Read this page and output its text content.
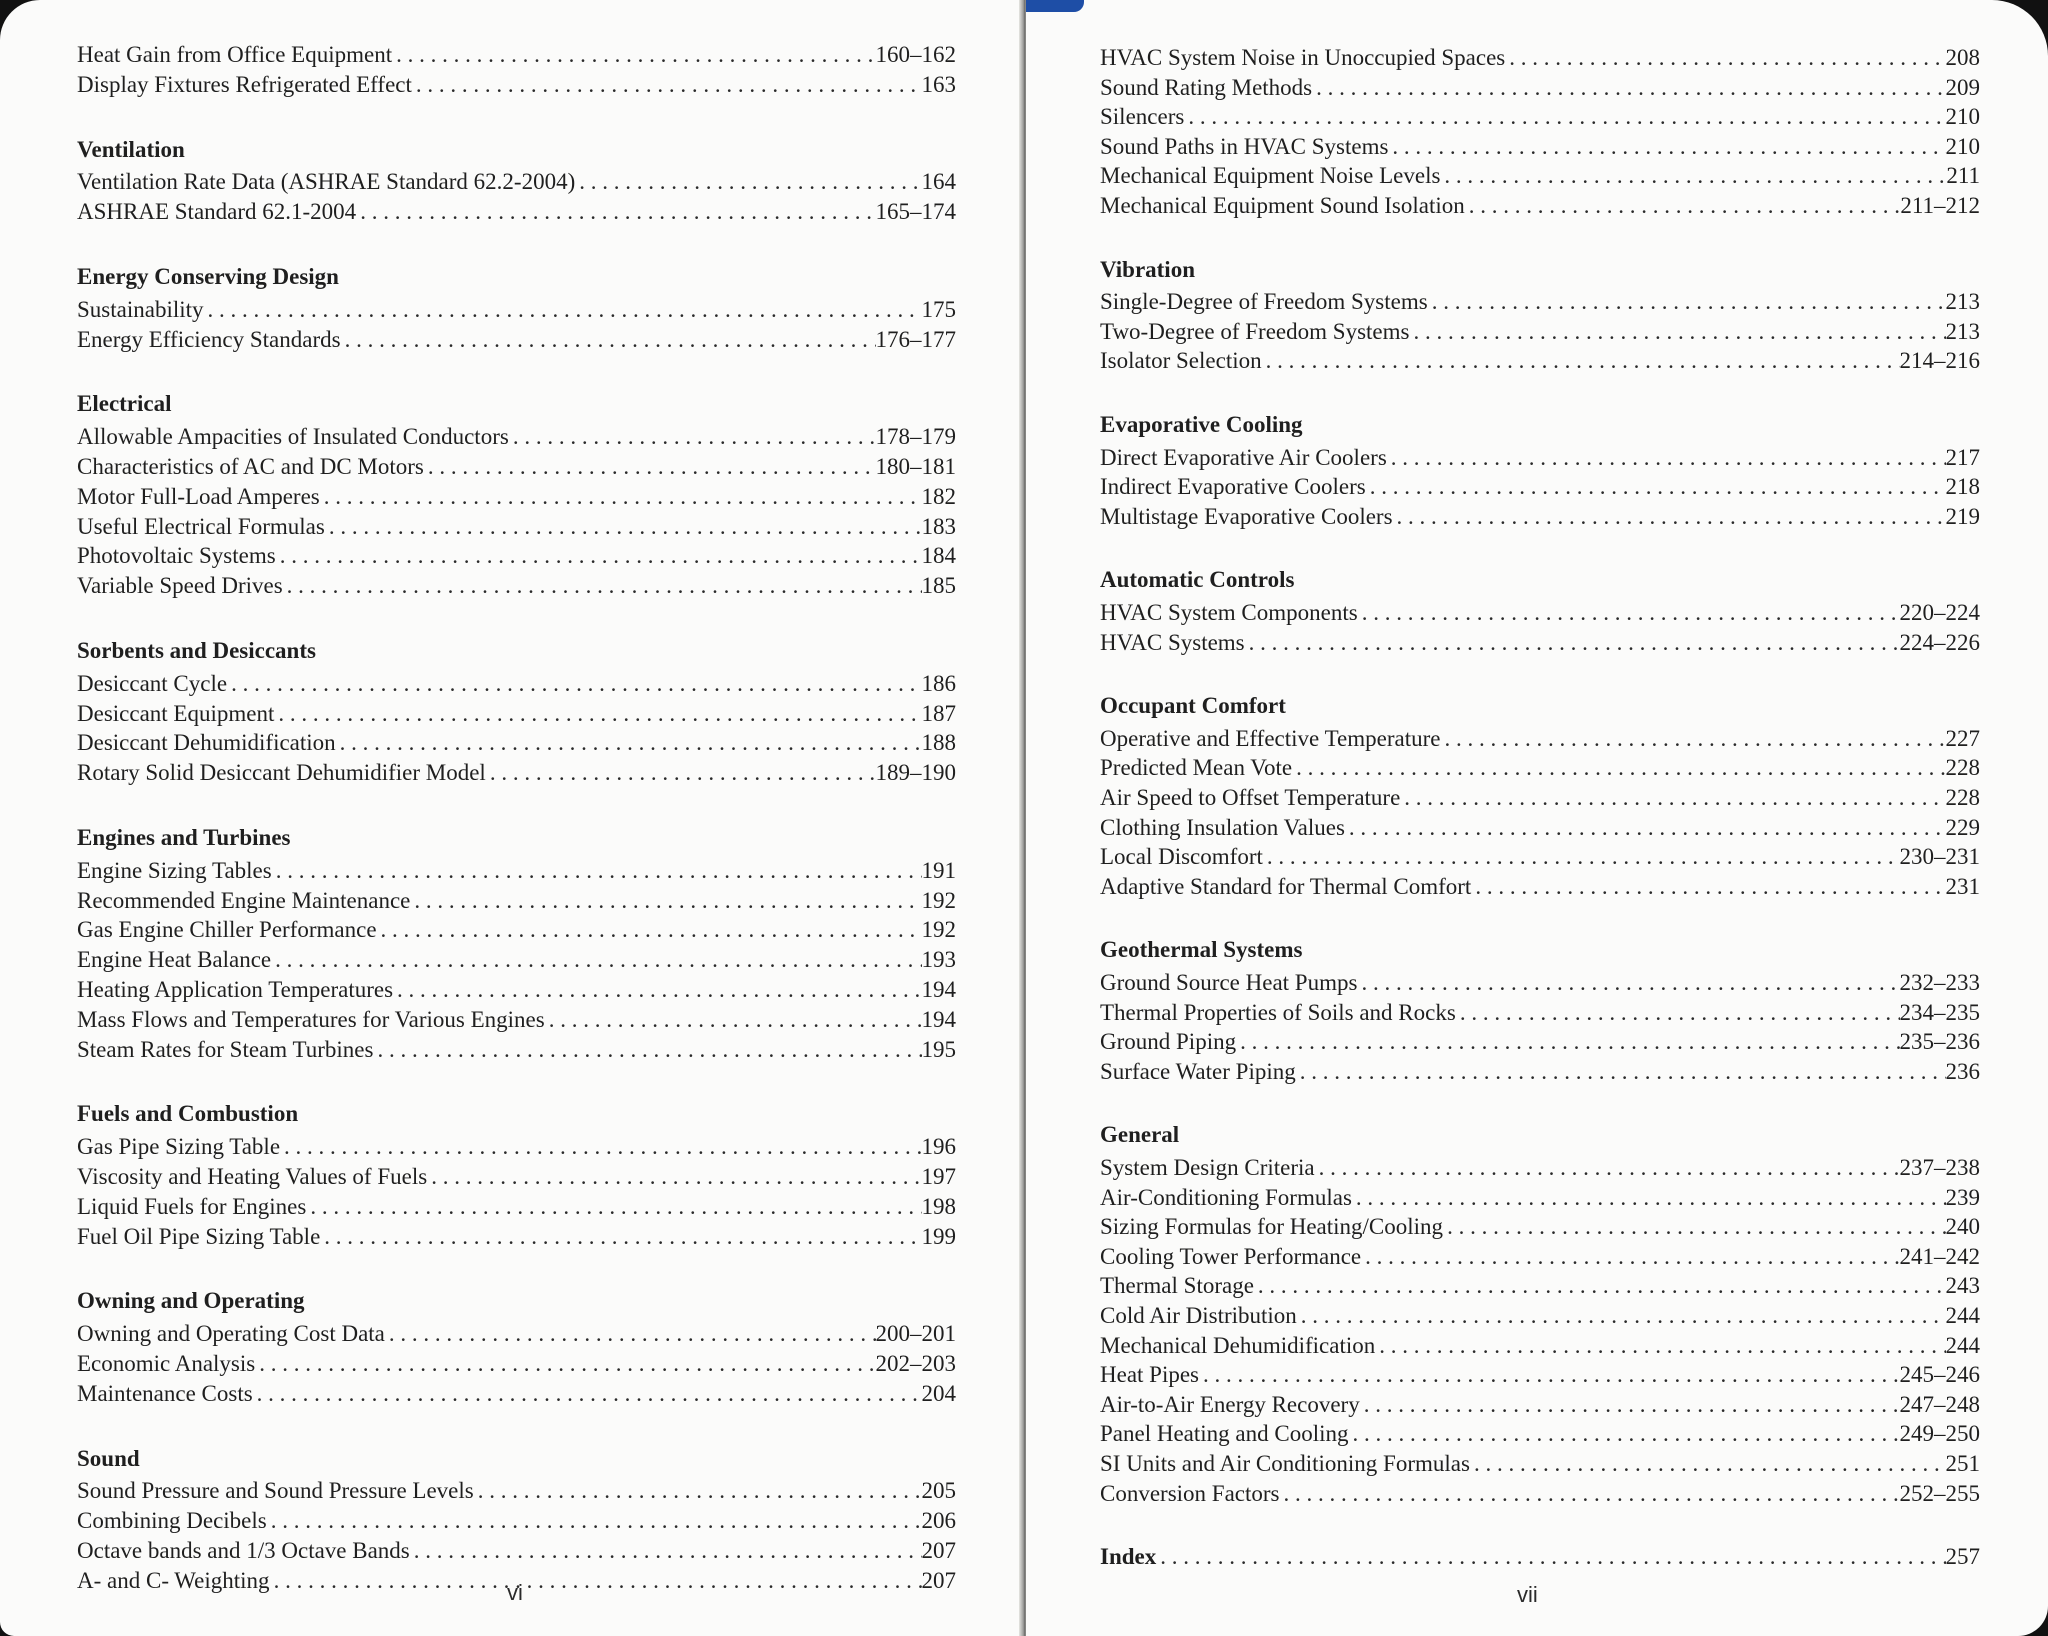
Heat Gain from Office Equipment . . .	160–162
Display Fixtures Refrigerated Effect . . .	163
Ventilation
Ventilation Rate Data (ASHRAE Standard 62.2-2004) . . .	164
ASHRAE Standard 62.1-2004 . . .	165–174
Energy Conserving Design
Sustainability . . .	175
Energy Efficiency Standards . . .	176–177
Electrical
Allowable Ampacities of Insulated Conductors . . .	178–179
Characteristics of AC and DC Motors . . .	180–181
Motor Full-Load Amperes . . .	182
Useful Electrical Formulas . . .	183
Photovoltaic Systems . . .	184
Variable Speed Drives . . .	185
Sorbents and Desiccants
Desiccant Cycle . . .	186
Desiccant Equipment . . .	187
Desiccant Dehumidification . . .	188
Rotary Solid Desiccant Dehumidifier Model . . .	189–190
Engines and Turbines
Engine Sizing Tables . . .	191
Recommended Engine Maintenance . . .	192
Gas Engine Chiller Performance . . .	192
Engine Heat Balance . . .	193
Heating Application Temperatures . . .	194
Mass Flows and Temperatures for Various Engines . . .	194
Steam Rates for Steam Turbines . . .	195
Fuels and Combustion
Gas Pipe Sizing Table . . .	196
Viscosity and Heating Values of Fuels . . .	197
Liquid Fuels for Engines . . .	198
Fuel Oil Pipe Sizing Table . . .	199
Owning and Operating
Owning and Operating Cost Data . . .	200–201
Economic Analysis . . .	202–203
Maintenance Costs . . .	204
Sound
Sound Pressure and Sound Pressure Levels . . .	205
Combining Decibels . . .	206
Octave bands and 1/3 Octave Bands . . .	207
A- and C- Weighting . . .	207
vi
HVAC System Noise in Unoccupied Spaces . . .	208
Sound Rating Methods . . .	209
Silencers . . .	210
Sound Paths in HVAC Systems . . .	210
Mechanical Equipment Noise Levels . . .	211
Mechanical Equipment Sound Isolation . . .	211–212
Vibration
Single-Degree of Freedom Systems . . .	213
Two-Degree of Freedom Systems . . .	213
Isolator Selection . . .	214–216
Evaporative Cooling
Direct Evaporative Air Coolers . . .	217
Indirect Evaporative Coolers . . .	218
Multistage Evaporative Coolers . . .	219
Automatic Controls
HVAC System Components . . .	220–224
HVAC Systems . . .	224–226
Occupant Comfort
Operative and Effective Temperature . . .	227
Predicted Mean Vote . . .	228
Air Speed to Offset Temperature . . .	228
Clothing Insulation Values . . .	229
Local Discomfort . . .	230–231
Adaptive Standard for Thermal Comfort . . .	231
Geothermal Systems
Ground Source Heat Pumps . . .	232–233
Thermal Properties of Soils and Rocks . . .	234–235
Ground Piping . . .	235–236
Surface Water Piping . . .	236
General
System Design Criteria . . .	237–238
Air-Conditioning Formulas . . .	239
Sizing Formulas for Heating/Cooling . . .	240
Cooling Tower Performance . . .	241–242
Thermal Storage . . .	243
Cold Air Distribution . . .	244
Mechanical Dehumidification . . .	244
Heat Pipes . . .	245–246
Air-to-Air Energy Recovery . . .	247–248
Panel Heating and Cooling . . .	249–250
SI Units and Air Conditioning Formulas . . .	251
Conversion Factors . . .	252–255
Index . . .	257
vii
